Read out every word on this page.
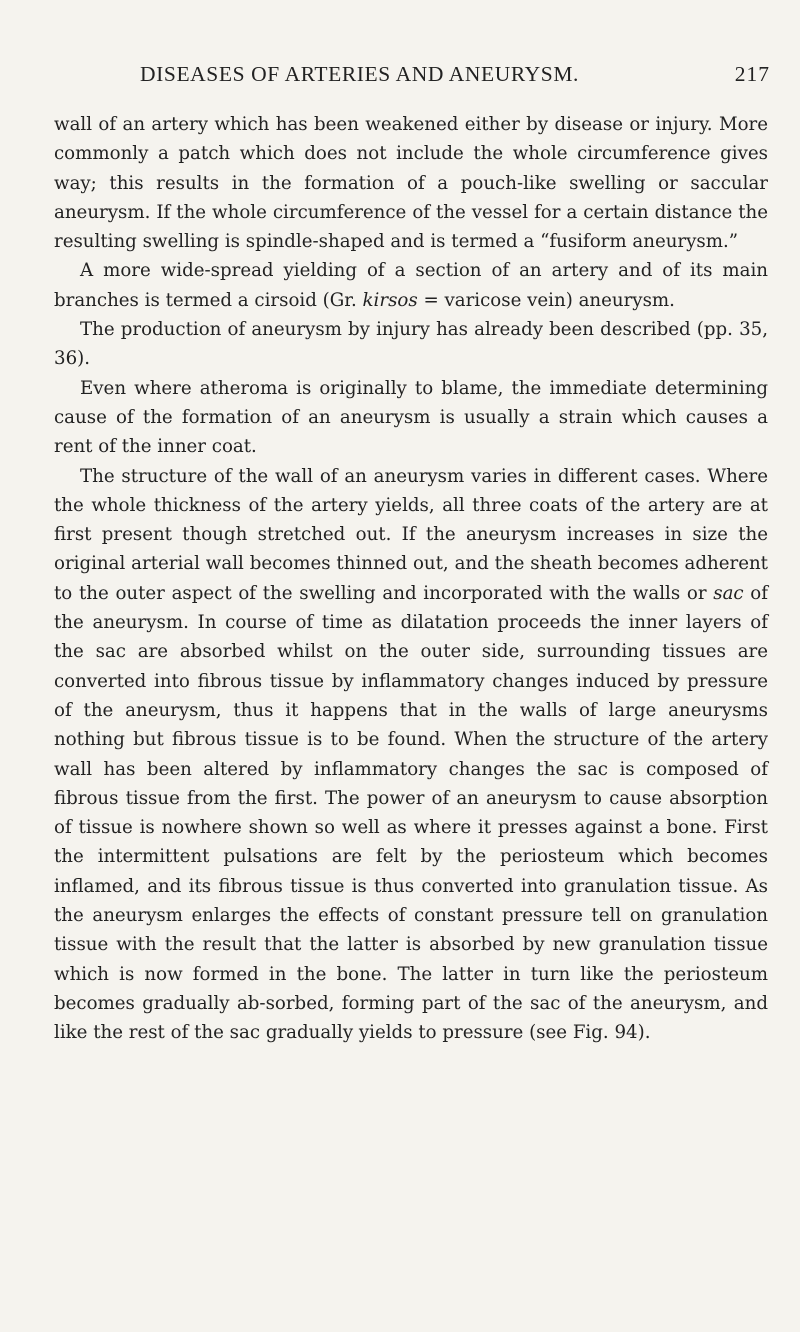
DISEASES OF ARTERIES AND ANEURYSM.	217

wall of an artery which has been weakened either by disease or injury. More commonly a patch which does not include the whole circumference gives way; this results in the formation of a pouch-like swelling or saccular aneurysm. If the whole circumference of the vessel for a certain distance the resulting swelling is spindle-shaped and is termed a “fusiform aneurysm.”

A more wide-spread yielding of a section of an artery and of its main branches is termed a cirsoid (Gr. kirsos = varicose vein) aneurysm.

The production of aneurysm by injury has already been described (pp. 35, 36).

Even where atheroma is originally to blame, the immediate determining cause of the formation of an aneurysm is usually a strain which causes a rent of the inner coat.

The structure of the wall of an aneurysm varies in different cases. Where the whole thickness of the artery yields, all three coats of the artery are at first present though stretched out. If the aneurysm increases in size the original arterial wall becomes thinned out, and the sheath becomes adherent to the outer aspect of the swelling and incorporated with the walls or sac of the aneurysm. In course of time as dilatation proceeds the inner layers of the sac are absorbed whilst on the outer side, surrounding tissues are converted into fibrous tissue by inflammatory changes induced by pressure of the aneurysm, thus it happens that in the walls of large aneurysms nothing but fibrous tissue is to be found. When the structure of the artery wall has been altered by inflammatory changes the sac is composed of fibrous tissue from the first. The power of an aneurysm to cause absorption of tissue is nowhere shown so well as where it presses against a bone. First the intermittent pulsations are felt by the periosteum which becomes inflamed, and its fibrous tissue is thus converted into granulation tissue. As the aneurysm enlarges the effects of constant pressure tell on granulation tissue with the result that the latter is absorbed by new granulation tissue which is now formed in the bone. The latter in turn like the periosteum becomes gradually ab-sorbed, forming part of the sac of the aneurysm, and like the rest of the sac gradually yields to pressure (see Fig. 94).
